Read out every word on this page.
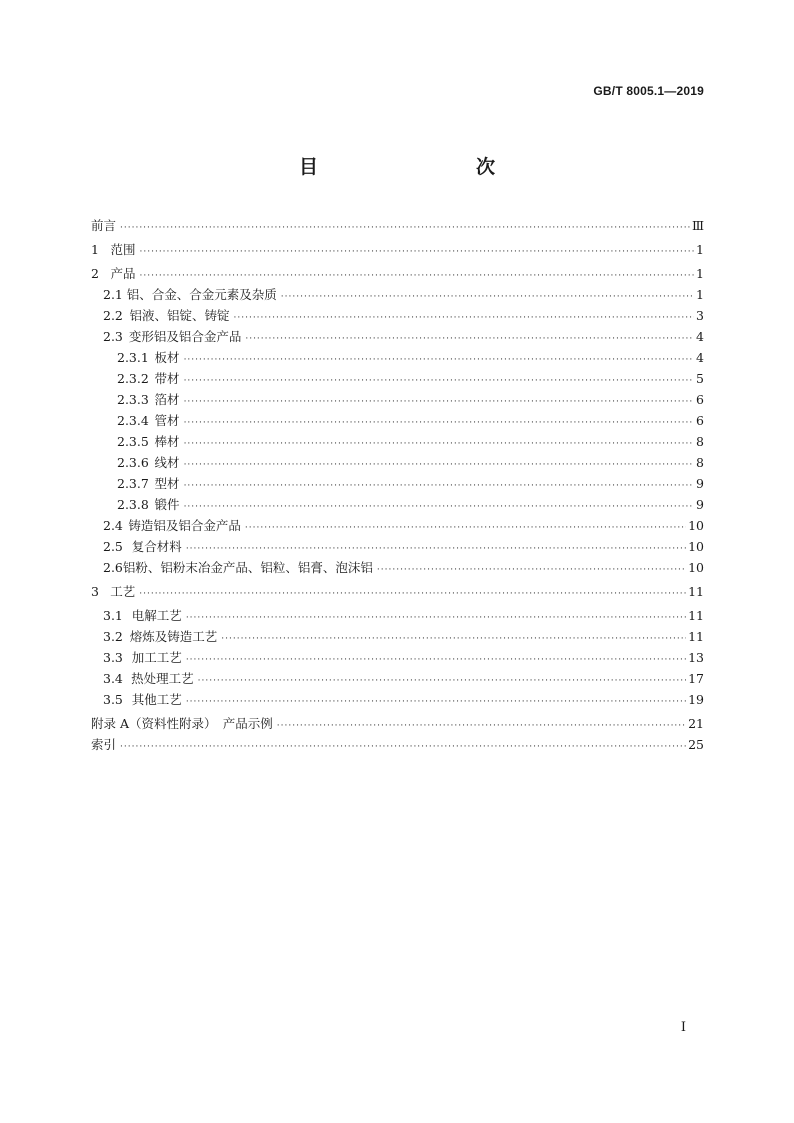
GB/T 8005.1—2019
目　　次
前言 ·····	Ⅲ
1 范围 ·····	1
2 产品 ·····	1
2.1 铝、合金、合金元素及杂质 ·····	1
2.2 铝液、铝锭、铸锭 ·····	3
2.3 变形铝及铝合金产品 ·····	4
2.3.1 板材 ·····	4
2.3.2 带材 ·····	5
2.3.3 箔材 ·····	6
2.3.4 管材 ·····	6
2.3.5 棒材 ·····	8
2.3.6 线材 ·····	8
2.3.7 型材 ·····	9
2.3.8 锻件 ·····	9
2.4 铸造铝及铝合金产品 ·····	10
2.5 复合材料 ·····	10
2.6 铝粉、铝粉末冶金产品、铝粒、铝膏、泡沫铝 ·····	10
3 工艺 ·····	11
3.1 电解工艺 ·····	11
3.2 熔炼及铸造工艺 ·····	11
3.3 加工工艺 ·····	13
3.4 热处理工艺 ·····	17
3.5 其他工艺 ·····	19
附录 A（资料性附录）　产品示例 ·····	21
索引 ·····	25
I
